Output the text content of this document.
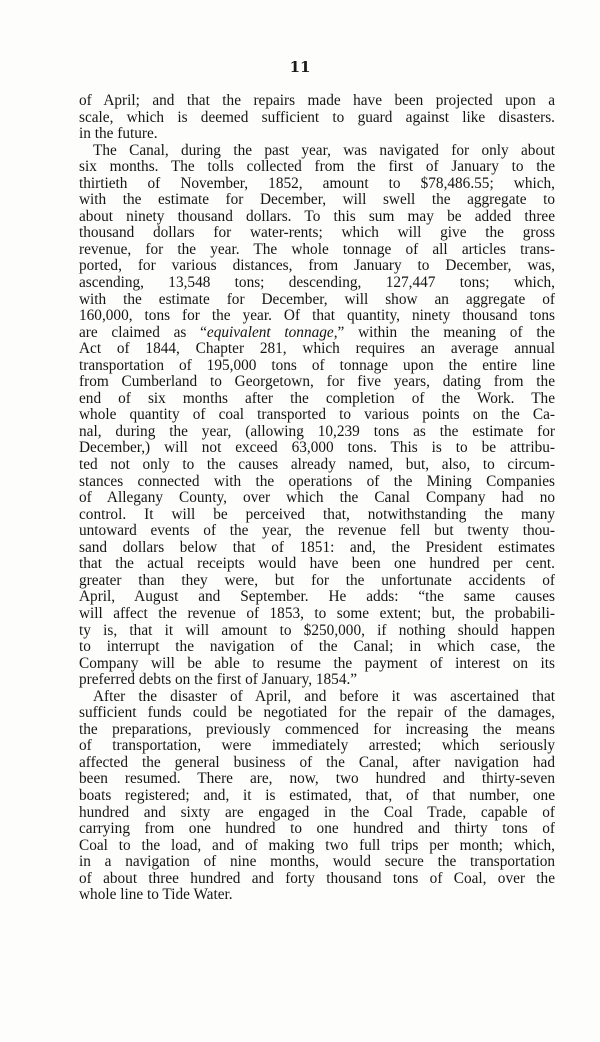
11

of April; and that the repairs made have been projected upon a

scale, which is deemed sufficient to guard against like disasters.

in the future.

The Canal, during the past year, was navigated for only about

six months. The tolls collected from the first of January to the

thirtieth of November, 1852, amount to $78,486.55; which,

with the estimate for December, will swell the aggregate to

about ninety thousand dollars. To this sum may be added three

thousand dollars for water-rents; which will give the gross

revenue, for the year. The whole tonnage of all articles trans-

ported, for various distances, from January to December, was,

ascending, 13,548 tons; descending, 127,447 tons; which,

with the estimate for December, will show an aggregate of

160,000, tons for the year. Of that quantity, ninety thousand tons

are claimed as “equivalent tonnage,” within the meaning of the

Act of 1844, Chapter 281, which requires an average annual

transportation of 195,000 tons of tonnage upon the entire line

from Cumberland to Georgetown, for five years, dating from the

end of six months after the completion of the Work. The

whole quantity of coal transported to various points on the Ca-

nal, during the year, (allowing 10,239 tons as the estimate for

December,) will not exceed 63,000 tons. This is to be attribu-

ted not only to the causes already named, but, also, to circum-

stances connected with the operations of the Mining Companies

of Allegany County, over which the Canal Company had no

control. It will be perceived that, notwithstanding the many

untoward events of the year, the revenue fell but twenty thou-

sand dollars below that of 1851: and, the President estimates

that the actual receipts would have been one hundred per cent.

greater than they were, but for the unfortunate accidents of

April, August and September. He adds: “the same causes

will affect the revenue of 1853, to some extent; but, the probabili-

ty is, that it will amount to $250,000, if nothing should happen

to interrupt the navigation of the Canal; in which case, the

Company will be able to resume the payment of interest on its

preferred debts on the first of January, 1854.”

After the disaster of April, and before it was ascertained that

sufficient funds could be negotiated for the repair of the damages,

the preparations, previously commenced for increasing the means

of transportation, were immediately arrested; which seriously

affected the general business of the Canal, after navigation had

been resumed. There are, now, two hundred and thirty-seven

boats registered; and, it is estimated, that, of that number, one

hundred and sixty are engaged in the Coal Trade, capable of

carrying from one hundred to one hundred and thirty tons of

Coal to the load, and of making two full trips per month; which,

in a navigation of nine months, would secure the transportation

of about three hundred and forty thousand tons of Coal, over the

whole line to Tide Water.
